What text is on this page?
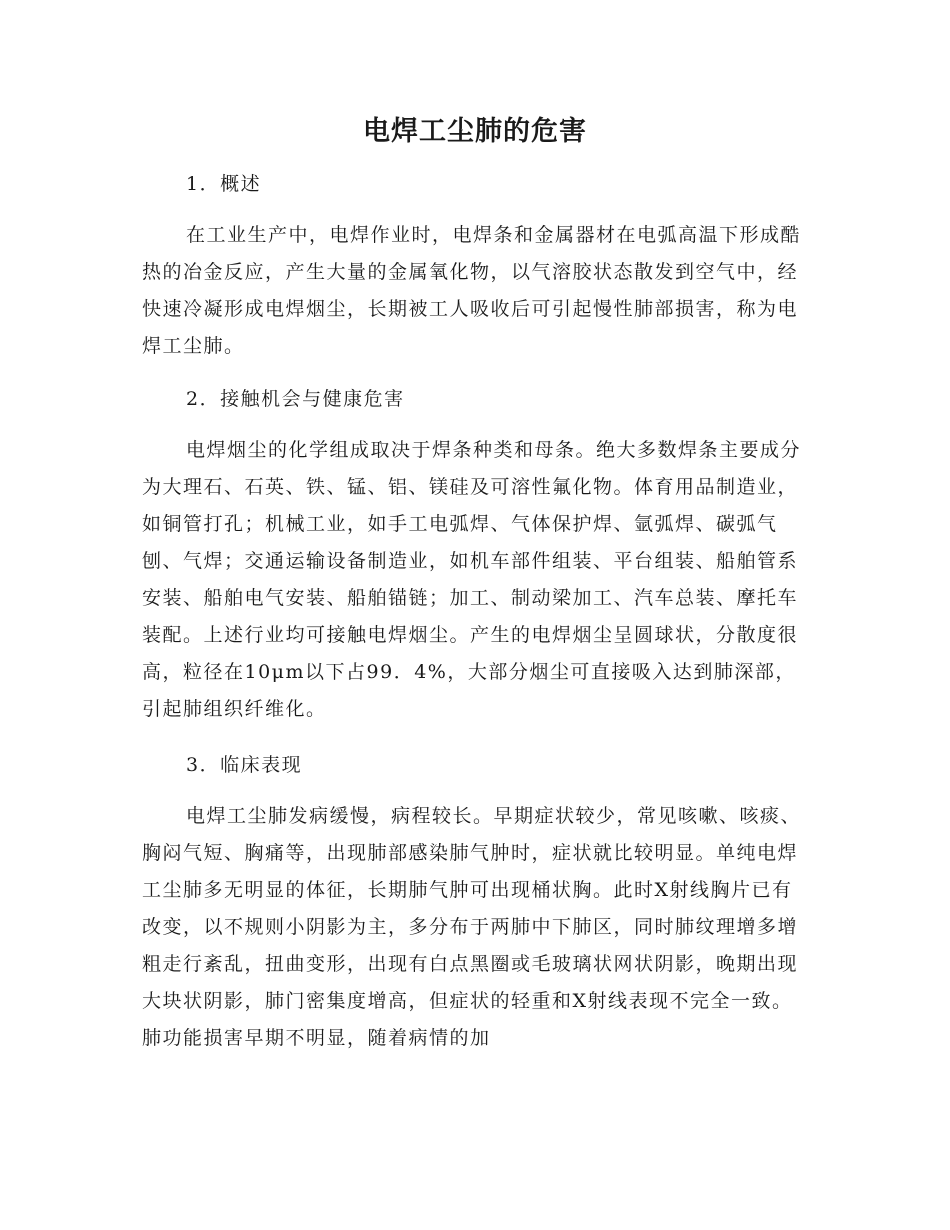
电焊工尘肺的危害

1．概述

在工业生产中，电焊作业时，电焊条和金属器材在电弧高温下形成酷热的冶金反应，产生大量的金属氧化物，以气溶胶状态散发到空气中，经快速冷凝形成电焊烟尘，长期被工人吸收后可引起慢性肺部损害，称为电焊工尘肺。

2．接触机会与健康危害

电焊烟尘的化学组成取决于焊条种类和母条。绝大多数焊条主要成分为大理石、石英、铁、锰、铝、镁硅及可溶性氟化物。体育用品制造业，如铜管打孔；机械工业，如手工电弧焊、气体保护焊、氩弧焊、碳弧气刨、气焊；交通运输设备制造业，如机车部件组装、平台组装、船舶管系安装、船舶电气安装、船舶锚链；加工、制动梁加工、汽车总装、摩托车装配。上述行业均可接触电焊烟尘。产生的电焊烟尘呈圆球状，分散度很高，粒径在10μm以下占99．4%，大部分烟尘可直接吸入达到肺深部，引起肺组织纤维化。

3．临床表现

电焊工尘肺发病缓慢，病程较长。早期症状较少，常见咳嗽、咳痰、胸闷气短、胸痛等，出现肺部感染肺气肿时，症状就比较明显。单纯电焊工尘肺多无明显的体征，长期肺气肿可出现桶状胸。此时X射线胸片已有改变，以不规则小阴影为主，多分布于两肺中下肺区，同时肺纹理增多增粗走行紊乱，扭曲变形，出现有白点黑圈或毛玻璃状网状阴影，晚期出现大块状阴影，肺门密集度增高，但症状的轻重和X射线表现不完全一致。肺功能损害早期不明显，随着病情的加
